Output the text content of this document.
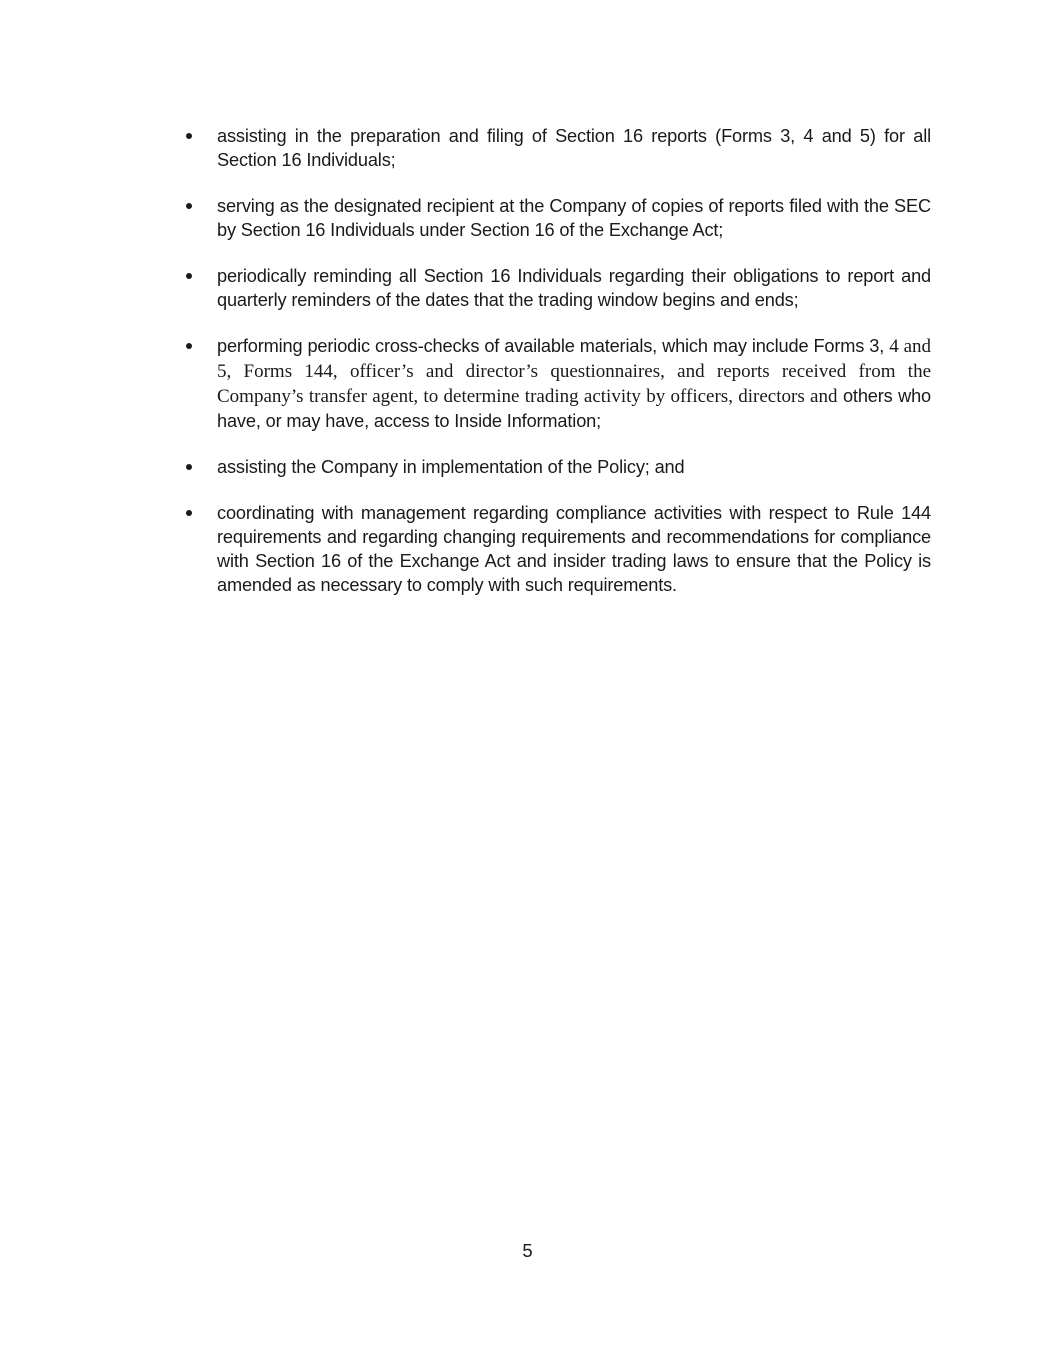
assisting in the preparation and filing of Section 16 reports (Forms 3, 4 and 5) for all Section 16 Individuals;
serving as the designated recipient at the Company of copies of reports filed with the SEC by Section 16 Individuals under Section 16 of the Exchange Act;
periodically reminding all Section 16 Individuals regarding their obligations to report and quarterly reminders of the dates that the trading window begins and ends;
performing periodic cross-checks of available materials, which may include Forms 3, 4 and 5, Forms 144, officer’s and director’s questionnaires, and reports received from the Company’s transfer agent, to determine trading activity by officers, directors and others who have, or may have, access to Inside Information;
assisting the Company in implementation of the Policy; and
coordinating with management regarding compliance activities with respect to Rule 144 requirements and regarding changing requirements and recommendations for compliance with Section 16 of the Exchange Act and insider trading laws to ensure that the Policy is amended as necessary to comply with such requirements.
5
